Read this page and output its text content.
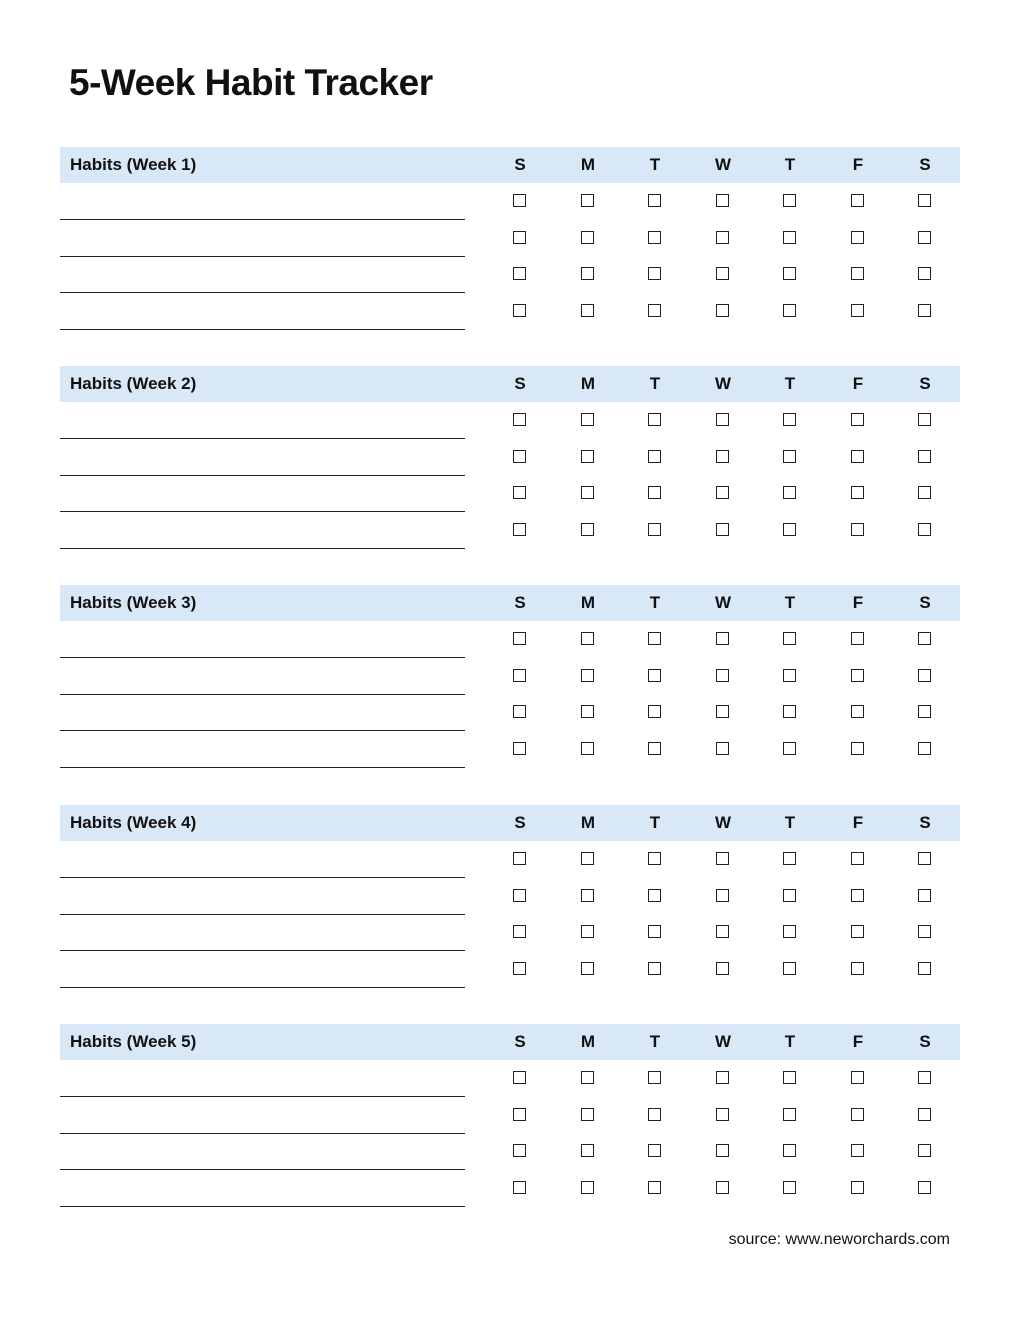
5-Week Habit Tracker
Habits (Week 1)	S	M	T	W	T	F	S
Habits (Week 2)	S	M	T	W	T	F	S
Habits (Week 3)	S	M	T	W	T	F	S
Habits (Week 4)	S	M	T	W	T	F	S
Habits (Week 5)	S	M	T	W	T	F	S
source: www.neworchards.com
